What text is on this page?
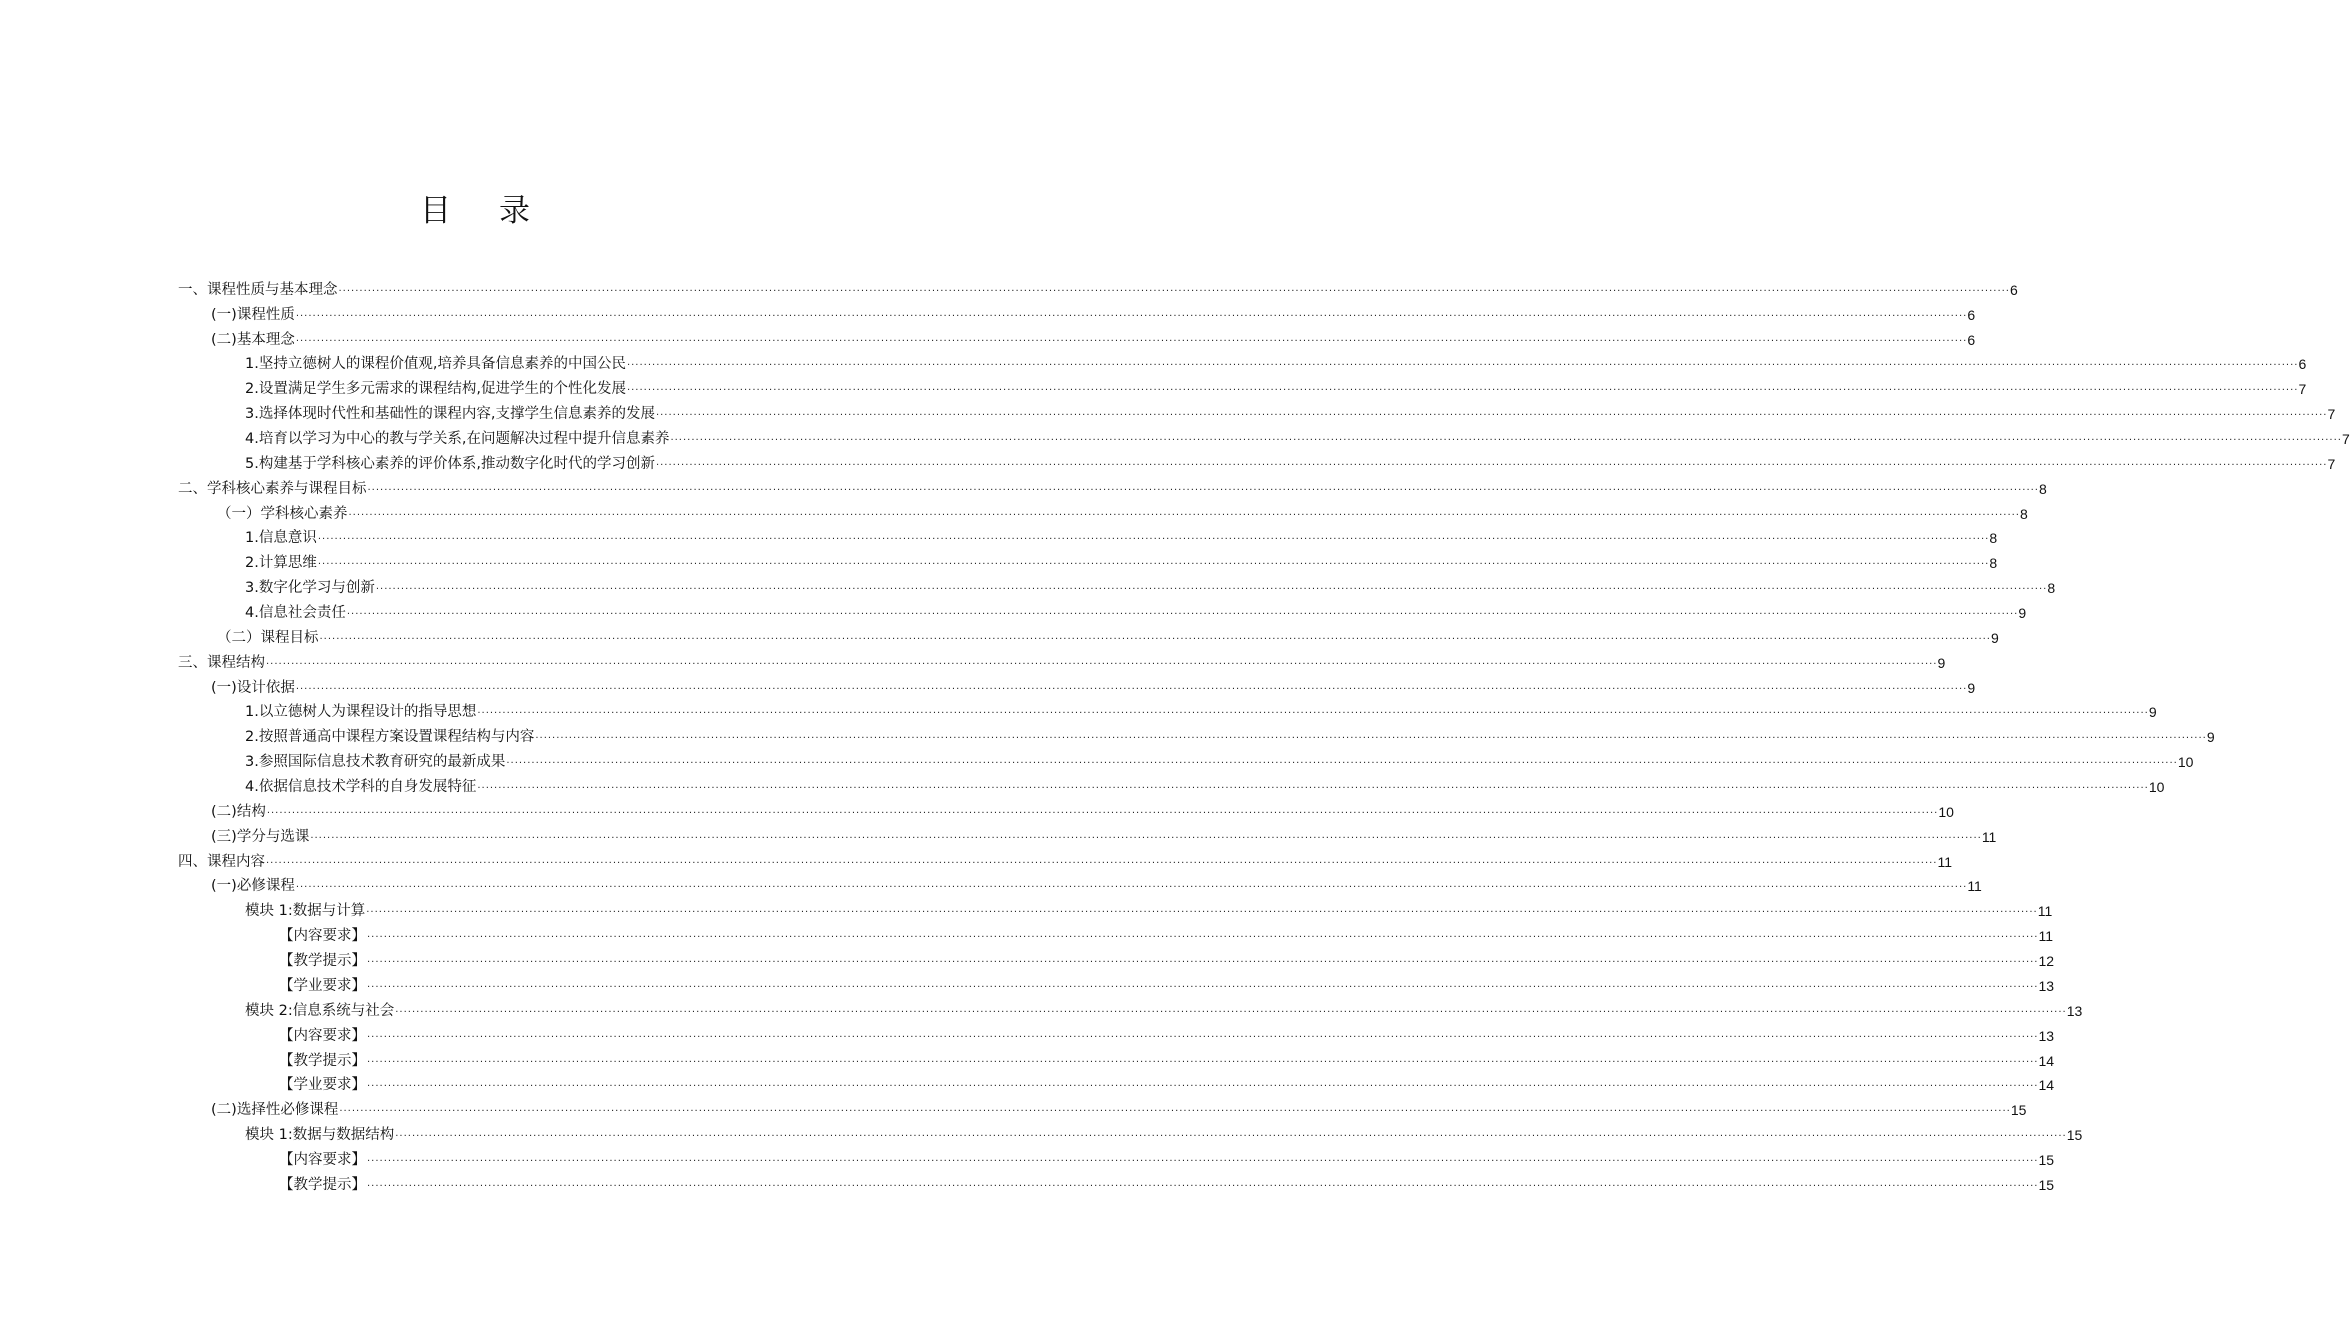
目录
一、课程性质与基本理念 ................................................................................................................................................................................................................................................................................................................................................................................................................ 6
(一)课程性质 ................................................................................................................................................................................................................................................................................................................................................................................................................ 6
(二)基本理念 ................................................................................................................................................................................................................................................................................................................................................................................................................ 6
1.坚持立德树人的课程价值观,培养具备信息素养的中国公民 ................................................................................................................................................................................................................................................................................................................................................................................................................ 6
2.设置满足学生多元需求的课程结构,促进学生的个性化发展 ................................................................................................................................................................................................................................................................................................................................................................................................................ 7
3.选择体现时代性和基础性的课程内容,支撑学生信息素养的发展 ................................................................................................................................................................................................................................................................................................................................................................................................................ 7
4.培育以学习为中心的教与学关系,在问题解决过程中提升信息素养 ................................................................................................................................................................................................................................................................................................................................................................................................................ 7
5.构建基于学科核心素养的评价体系,推动数字化时代的学习创新 ................................................................................................................................................................................................................................................................................................................................................................................................................ 7
二、学科核心素养与课程目标 ................................................................................................................................................................................................................................................................................................................................................................................................................ 8
（一）学科核心素养 ................................................................................................................................................................................................................................................................................................................................................................................................................ 8
1.信息意识 ................................................................................................................................................................................................................................................................................................................................................................................................................ 8
2.计算思维 ................................................................................................................................................................................................................................................................................................................................................................................................................ 8
3.数字化学习与创新 ................................................................................................................................................................................................................................................................................................................................................................................................................ 8
4.信息社会责任 ................................................................................................................................................................................................................................................................................................................................................................................................................ 9
（二）课程目标 ................................................................................................................................................................................................................................................................................................................................................................................................................ 9
三、课程结构 ................................................................................................................................................................................................................................................................................................................................................................................................................ 9
(一)设计依据 ................................................................................................................................................................................................................................................................................................................................................................................................................ 9
1.以立德树人为课程设计的指导思想 ................................................................................................................................................................................................................................................................................................................................................................................................................ 9
2.按照普通高中课程方案设置课程结构与内容 ................................................................................................................................................................................................................................................................................................................................................................................................................ 9
3.参照国际信息技术教育研究的最新成果 ................................................................................................................................................................................................................................................................................................................................................................................................................ 10
4.依据信息技术学科的自身发展特征 ................................................................................................................................................................................................................................................................................................................................................................................................................ 10
(二)结构 ................................................................................................................................................................................................................................................................................................................................................................................................................ 10
(三)学分与选课 ................................................................................................................................................................................................................................................................................................................................................................................................................ 11
四、课程内容 ................................................................................................................................................................................................................................................................................................................................................................................................................ 11
(一)必修课程 ................................................................................................................................................................................................................................................................................................................................................................................................................ 11
模块 1:数据与计算 ................................................................................................................................................................................................................................................................................................................................................................................................................ 11
【内容要求】 ................................................................................................................................................................................................................................................................................................................................................................................................................ 11
【教学提示】 ................................................................................................................................................................................................................................................................................................................................................................................................................ 12
【学业要求】 ................................................................................................................................................................................................................................................................................................................................................................................................................ 13
模块 2:信息系统与社会 ................................................................................................................................................................................................................................................................................................................................................................................................................ 13
【内容要求】 ................................................................................................................................................................................................................................................................................................................................................................................................................ 13
【教学提示】 ................................................................................................................................................................................................................................................................................................................................................................................................................ 14
【学业要求】 ................................................................................................................................................................................................................................................................................................................................................................................................................ 14
(二)选择性必修课程 ................................................................................................................................................................................................................................................................................................................................................................................................................ 15
模块 1:数据与数据结构 ................................................................................................................................................................................................................................................................................................................................................................................................................ 15
【内容要求】 ................................................................................................................................................................................................................................................................................................................................................................................................................ 15
【教学提示】 ................................................................................................................................................................................................................................................................................................................................................................................................................ 15
